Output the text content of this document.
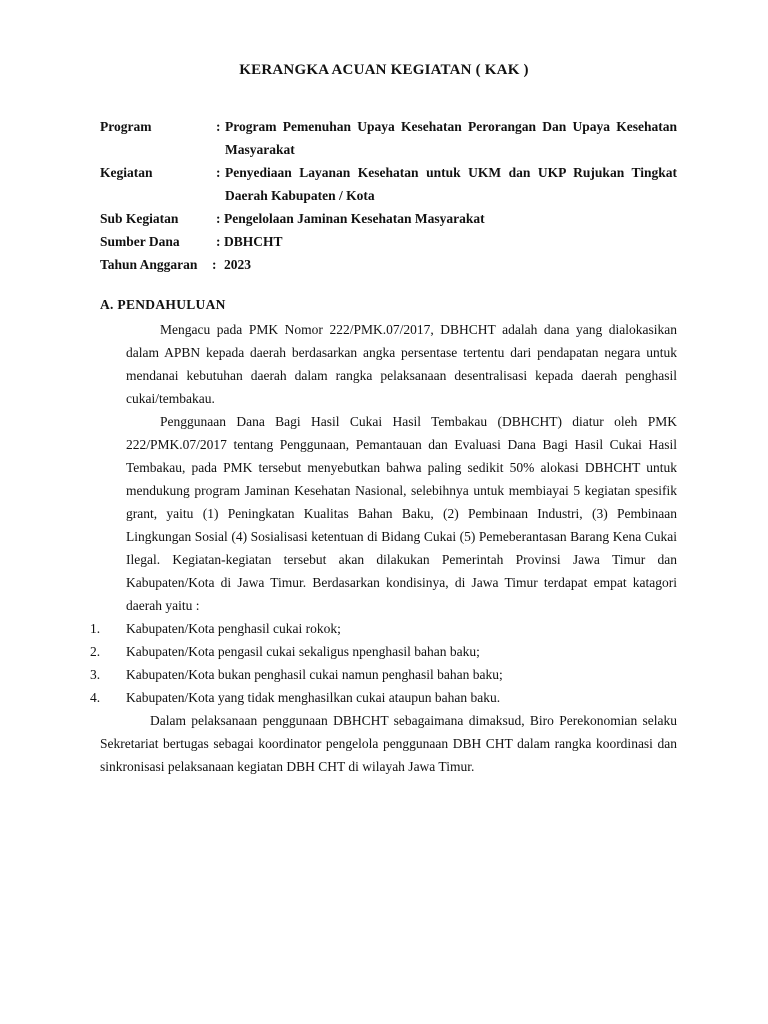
KERANGKA ACUAN KEGIATAN ( KAK )
Program	: Program Pemenuhan Upaya Kesehatan Perorangan Dan Upaya Kesehatan Masyarakat
Kegiatan	: Penyediaan Layanan Kesehatan untuk UKM dan UKP Rujukan Tingkat Daerah Kabupaten / Kota
Sub Kegiatan	: Pengelolaan Jaminan Kesehatan Masyarakat
Sumber Dana	: DBHCHT
Tahun Anggaran : 2023
A. PENDAHULUAN

Mengacu pada PMK Nomor 222/PMK.07/2017, DBHCHT adalah dana yang dialokasikan dalam APBN kepada daerah berdasarkan angka persentase tertentu dari pendapatan negara untuk mendanai kebutuhan daerah dalam rangka pelaksanaan desentralisasi kepada daerah penghasil cukai/tembakau.

Penggunaan Dana Bagi Hasil Cukai Hasil Tembakau (DBHCHT) diatur oleh PMK 222/PMK.07/2017 tentang Penggunaan, Pemantauan dan Evaluasi Dana Bagi Hasil Cukai Hasil Tembakau, pada PMK tersebut menyebutkan bahwa paling sedikit 50% alokasi DBHCHT untuk mendukung program Jaminan Kesehatan Nasional, selebihnya untuk membiayai 5 kegiatan spesifik grant, yaitu (1) Peningkatan Kualitas Bahan Baku, (2) Pembinaan Industri, (3) Pembinaan Lingkungan Sosial (4) Sosialisasi ketentuan di Bidang Cukai (5) Pemeberantasan Barang Kena Cukai Ilegal. Kegiatan-kegiatan tersebut akan dilakukan Pemerintah Provinsi Jawa Timur dan Kabupaten/Kota di Jawa Timur. Berdasarkan kondisinya, di Jawa Timur terdapat empat katagori daerah yaitu :

1. Kabupaten/Kota penghasil cukai rokok;
2. Kabupaten/Kota pengasil cukai sekaligus npenghasil bahan baku;
3. Kabupaten/Kota bukan penghasil cukai namun penghasil bahan baku;
4. Kabupaten/Kota yang tidak menghasilkan cukai ataupun bahan baku.

Dalam pelaksanaan penggunaan DBHCHT sebagaimana dimaksud, Biro Perekonomian selaku Sekretariat bertugas sebagai koordinator pengelola penggunaan DBH CHT dalam rangka koordinasi dan sinkronisasi pelaksanaan kegiatan DBH CHT di wilayah Jawa Timur.
